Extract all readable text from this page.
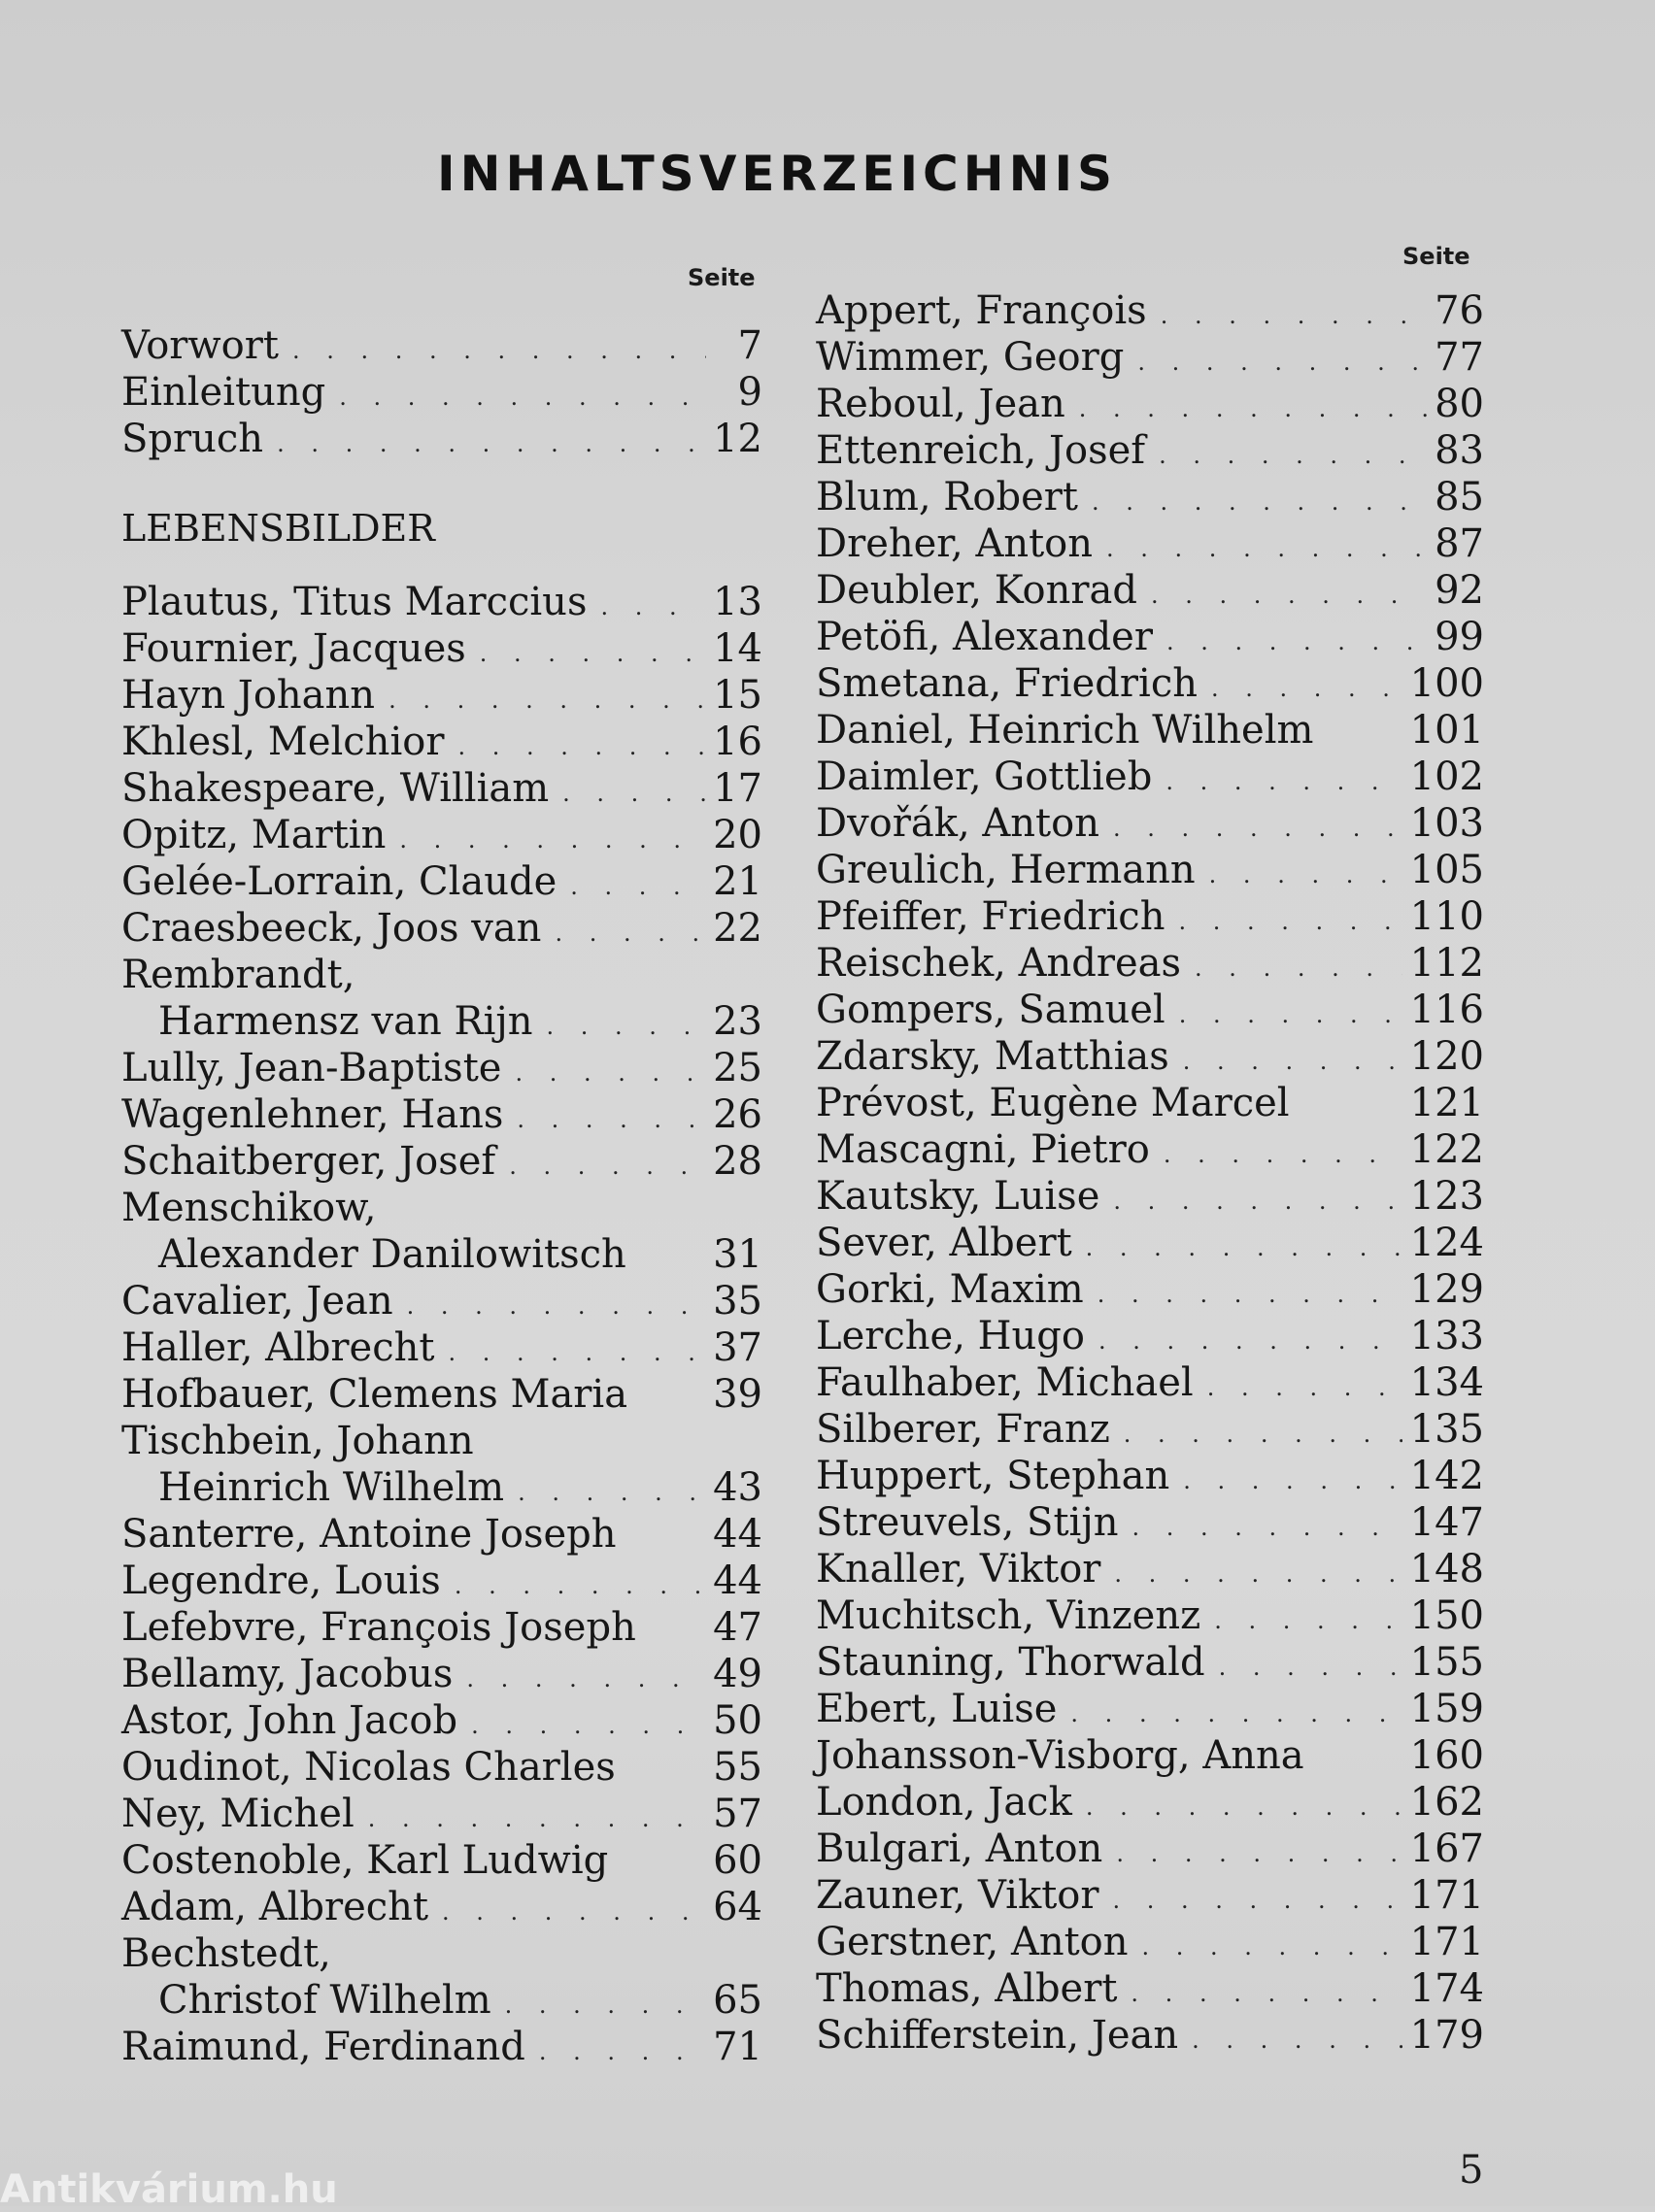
INHALTSVERZEICHNIS
Seite
Seite
Vorwort . . .	7
Einleitung . . .	9
Spruch . . .	12
LEBENSBILDER
Plautus, Titus Marccius . . .	13
Fournier, Jacques . . .	14
Hayn Johann . . .	15
Khlesl, Melchior . . .	16
Shakespeare, William . . .	17
Opitz, Martin . . .	20
Gelée-Lorrain, Claude . . .	21
Craesbeeck, Joos van . . .	22
Rembrandt,
Harmensz van Rijn . . .	23
Lully, Jean-Baptiste . . .	25
Wagenlehner, Hans . . .	26
Schaitberger, Josef . . .	28
Menschikow,
Alexander Danilowitsch 31
Cavalier, Jean . . .	35
Haller, Albrecht . . .	37
Hofbauer, Clemens Maria 39
Tischbein, Johann
Heinrich Wilhelm . . .	43
Santerre, Antoine Joseph 44
Legendre, Louis . . .	44
Lefebvre, François Joseph 47
Bellamy, Jacobus . . .	49
Astor, John Jacob . . .	50
Oudinot, Nicolas Charles	55
Ney, Michel . . .	57
Costenoble, Karl Ludwig	60
Adam, Albrecht . . .	64
Bechstedt,
Christof Wilhelm . . .	65
Raimund, Ferdinand . . .	71
Appert, François . . .	76
Wimmer, Georg . . .	77
Reboul, Jean . . .	80
Ettenreich, Josef . . .	83
Blum, Robert . . .	85
Dreher, Anton . . .	87
Deubler, Konrad . . .	92
Petöfi, Alexander . . .	99
Smetana, Friedrich . . .	100
Daniel, Heinrich Wilhelm 101
Daimler, Gottlieb . . .	102
Dvořák, Anton . . .	103
Greulich, Hermann . . .	105
Pfeiffer, Friedrich . . .	110
Reischek, Andreas . . .	112
Gompers, Samuel . . .	116
Zdarsky, Matthias . . .	120
Prévost, Eugène Marcel	121
Mascagni, Pietro . . .	122
Kautsky, Luise . . .	123
Sever, Albert . . .	124
Gorki, Maxim . . .	129
Lerche, Hugo . . .	133
Faulhaber, Michael . . .	134
Silberer, Franz . . .	135
Huppert, Stephan . . .	142
Streuvels, Stijn . . .	147
Knaller, Viktor . . .	148
Muchitsch, Vinzenz . . .	150
Stauning, Thorwald . . .	155
Ebert, Luise . . .	159
Johansson-Visborg, Anna	160
London, Jack . . .	162
Bulgari, Anton . . .	167
Zauner, Viktor . . .	171
Gerstner, Anton . . .	171
Thomas, Albert . . .	174
Schifferstein, Jean . . .	179
5
Antikvárium.hu
